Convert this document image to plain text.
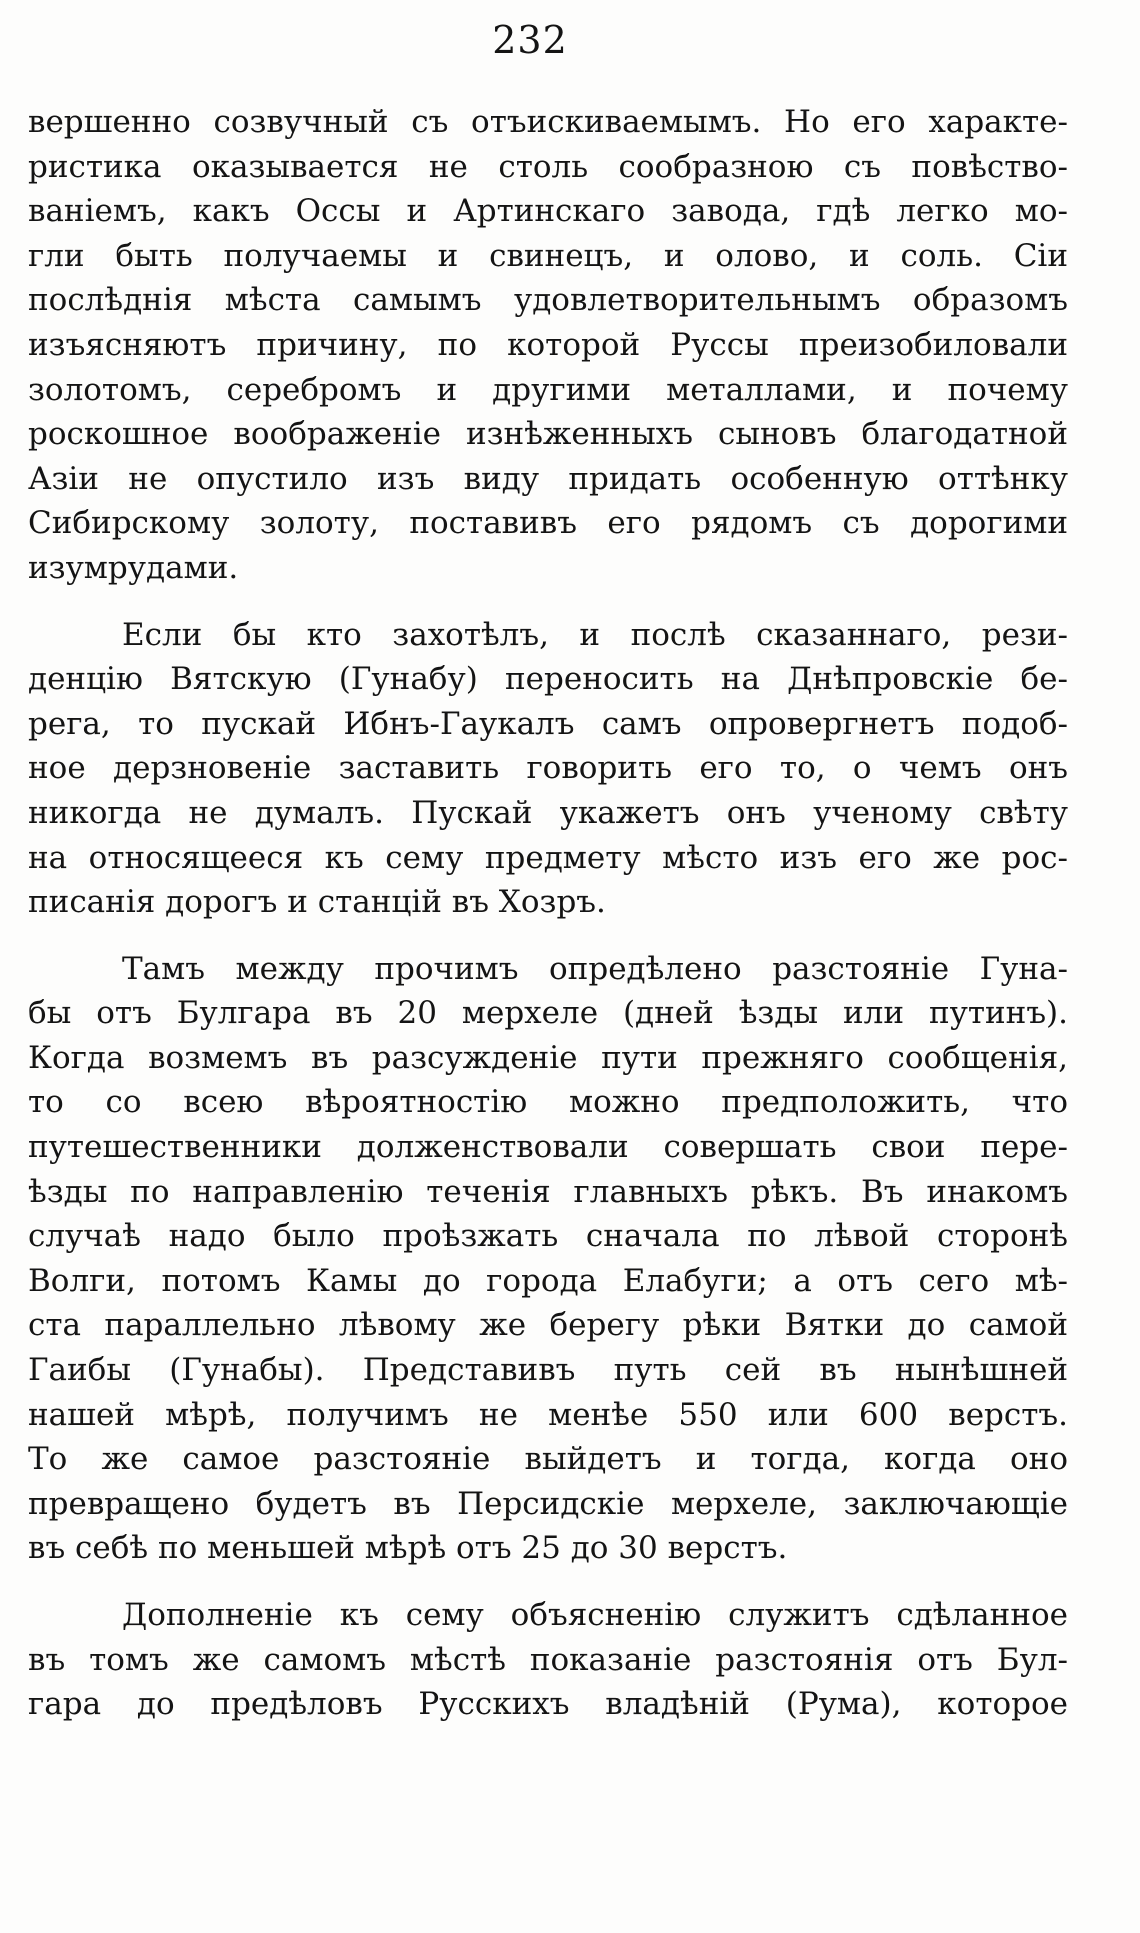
232
вершенно созвучный съ отъискиваемымъ. Но его характе-
ристика оказывается не столь сообразною съ повѣство-
ваніемъ, какъ Оссы и Артинскаго завода, гдѣ легко мо-
гли быть получаемы и свинецъ, и олово, и соль. Сіи
послѣднія мѣста самымъ удовлетворительнымъ образомъ
изъясняютъ причину, по которой Руссы преизобиловали
золотомъ, серебромъ и другими металлами, и почему
роскошное воображеніе изнѣженныхъ сыновъ благодатной
Азіи не опустило изъ виду придать особенную оттѣнку
Сибирскому золоту, поставивъ его рядомъ съ дорогими
изумрудами.
Если бы кто захотѣлъ, и послѣ сказаннаго, рези-
денцію Вятскую (Гунабу) переносить на Днѣпровскіе бе-
рега, то пускай Ибнъ-Гаукалъ самъ опровергнетъ подоб-
ное дерзновеніе заставить говорить его то, о чемъ онъ
никогда не думалъ. Пускай укажетъ онъ ученому свѣту
на относящееся къ сему предмету мѣсто изъ его же рос-
писанія дорогъ и станцій въ Хозръ.
Тамъ между прочимъ опредѣлено разстояніе Гуна-
бы отъ Булгара въ 20 мерхеле (дней ѣзды или путинъ).
Когда возмемъ въ разсужденіе пути прежняго сообщенія,
то со всею вѣроятностію можно предположить, что
путешественники долженствовали совершать свои пере-
ѣзды по направленію теченія главныхъ рѣкъ. Въ инакомъ
случаѣ надо было проѣзжать сначала по лѣвой сторонѣ
Волги, потомъ Камы до города Елабуги; а отъ сего мѣ-
ста параллельно лѣвому же берегу рѣки Вятки до самой
Гаибы (Гунабы). Представивъ путь сей въ нынѣшней
нашей мѣрѣ, получимъ не менѣе 550 или 600 верстъ.
То же самое разстояніе выйдетъ и тогда, когда оно
превращено будетъ въ Персидскіе мерхеле, заключающіе
въ себѣ по меньшей мѣрѣ отъ 25 до 30 верстъ.
Дополненіе къ сему объясненію служитъ сдѣланное
въ томъ же самомъ мѣстѣ показаніе разстоянія отъ Бул-
гара до предѣловъ Русскихъ владѣній (Рума), которое
